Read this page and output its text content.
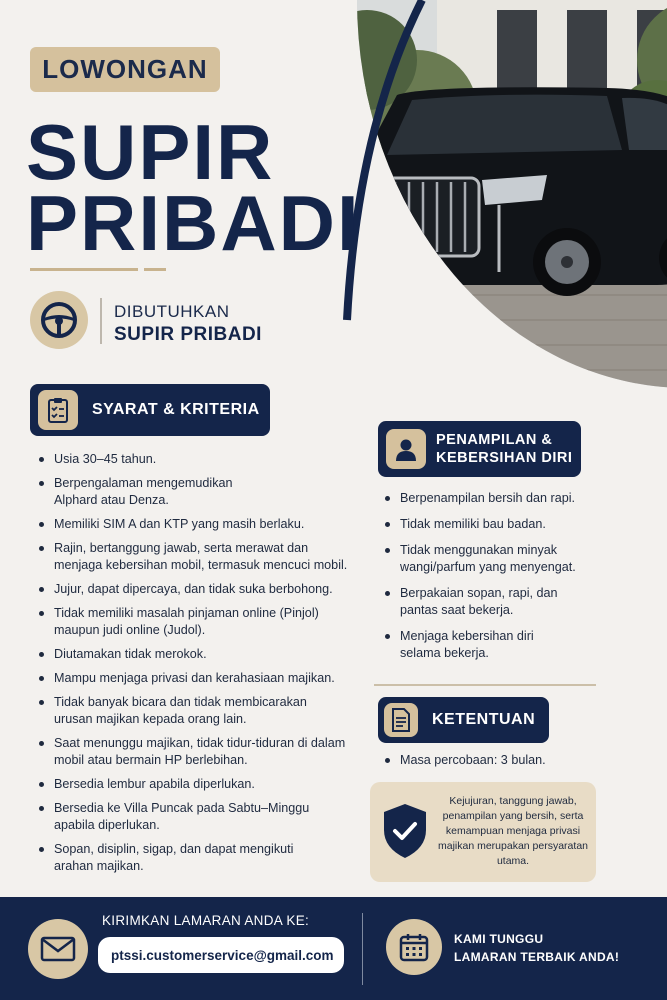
LOWONGAN
SUPIR
PRIBADI
DIBUTUHKAN
SUPIR PRIBADI
SYARAT & KRITERIA
Usia 30–45 tahun.
Berpengalaman mengemudikan
Alphard atau Denza.
Memiliki SIM A dan KTP yang masih berlaku.
Rajin, bertanggung jawab, serta merawat dan
menjaga kebersihan mobil, termasuk mencuci mobil.
Jujur, dapat dipercaya, dan tidak suka berbohong.
Tidak memiliki masalah pinjaman online (Pinjol)
maupun judi online (Judol).
Diutamakan tidak merokok.
Mampu menjaga privasi dan kerahasiaan majikan.
Tidak banyak bicara dan tidak membicarakan
urusan majikan kepada orang lain.
Saat menunggu majikan, tidak tidur-tiduran di dalam
mobil atau bermain HP berlebihan.
Bersedia lembur apabila diperlukan.
Bersedia ke Villa Puncak pada Sabtu–Minggu
apabila diperlukan.
Sopan, disiplin, sigap, dan dapat mengikuti
arahan majikan.
PENAMPILAN &
KEBERSIHAN DIRI
Berpenampilan bersih dan rapi.
Tidak memiliki bau badan.
Tidak menggunakan minyak
wangi/parfum yang menyengat.
Berpakaian sopan, rapi, dan
pantas saat bekerja.
Menjaga kebersihan diri
selama bekerja.
KETENTUAN
Masa percobaan: 3 bulan.
Kejujuran, tanggung jawab, penampilan yang bersih, serta kemampuan menjaga privasi majikan merupakan persyaratan utama.
KIRIMKAN LAMARAN ANDA KE:
ptssi.customerservice@gmail.com
KAMI TUNGGU
LAMARAN TERBAIK ANDA!
